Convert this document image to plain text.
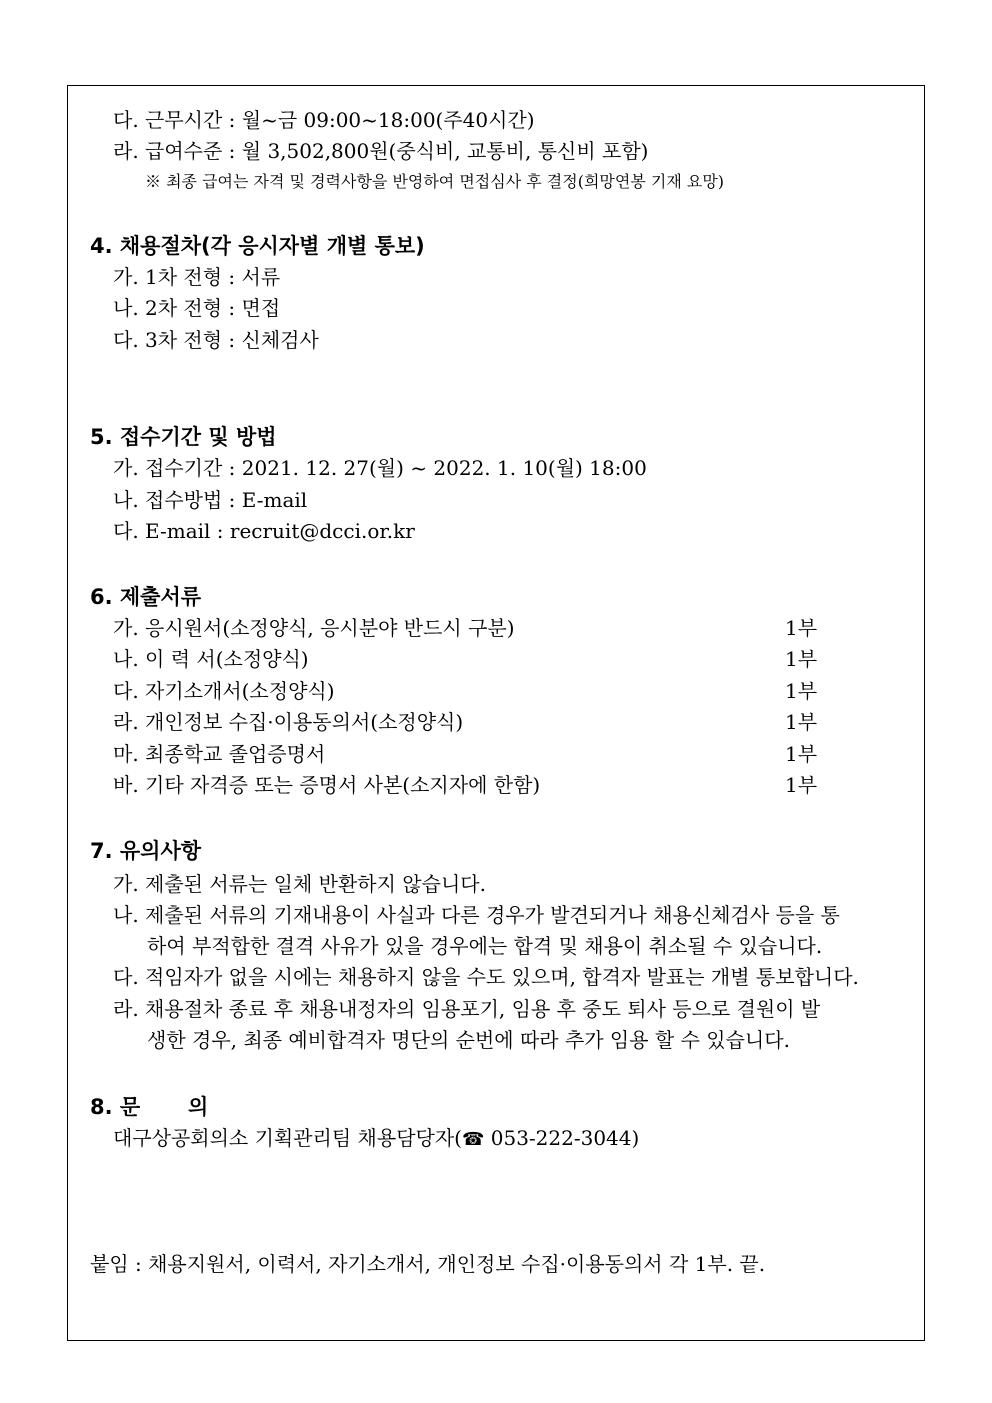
다. 근무시간 : 월~금 09:00~18:00(주40시간)
라. 급여수준 : 월 3,502,800원(중식비, 교통비, 통신비 포함)
※ 최종 급여는 자격 및 경력사항을 반영하여 면접심사 후 결정(희망연봉 기재 요망)
4. 채용절차(각 응시자별 개별 통보)
가. 1차 전형 : 서류
나. 2차 전형 : 면접
다. 3차 전형 : 신체검사
5. 접수기간 및 방법
가. 접수기간 : 2021. 12. 27(월) ~ 2022. 1. 10(월) 18:00
나. 접수방법 : E-mail
다. E-mail : recruit@dcci.or.kr
6. 제출서류
가. 응시원서(소정양식, 응시분야 반드시 구분)	1부
나. 이 력 서(소정양식)	1부
다. 자기소개서(소정양식)	1부
라. 개인정보 수집·이용동의서(소정양식)	1부
마. 최종학교 졸업증명서	1부
바. 기타 자격증 또는 증명서 사본(소지자에 한함)	1부
7. 유의사항
가. 제출된 서류는 일체 반환하지 않습니다.
나. 제출된 서류의 기재내용이 사실과 다른 경우가 발견되거나 채용신체검사 등을 통
하여 부적합한 결격 사유가 있을 경우에는 합격 및 채용이 취소될 수 있습니다.
다. 적임자가 없을 시에는 채용하지 않을 수도 있으며, 합격자 발표는 개별 통보합니다.
라. 채용절차 종료 후 채용내정자의 임용포기, 임용 후 중도 퇴사 등으로 결원이 발
생한 경우, 최종 예비합격자 명단의 순번에 따라 추가 임용 할 수 있습니다.
8. 문 의
대구상공회의소 기획관리팀 채용담당자(☎ 053-222-3044)
붙임 : 채용지원서, 이력서, 자기소개서, 개인정보 수집·이용동의서 각 1부. 끝.
